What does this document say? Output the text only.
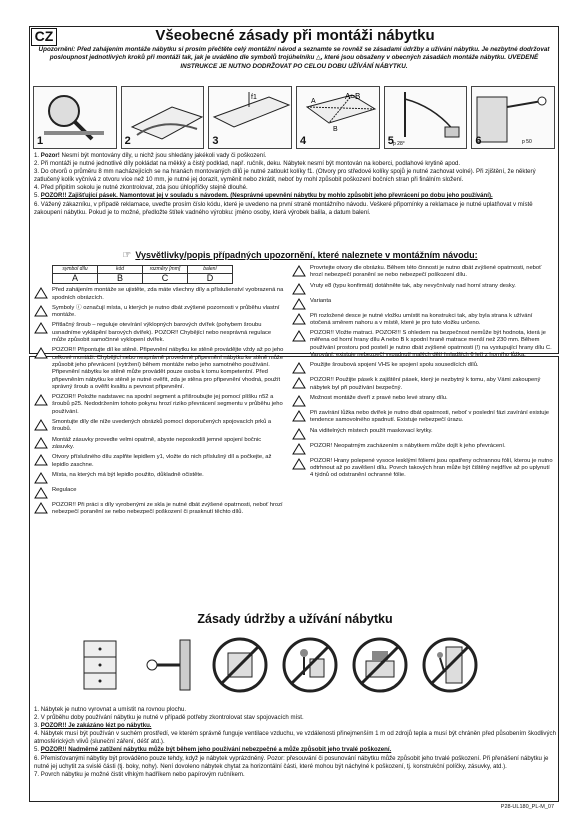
CZ	Všeobecné zásady při montáži nábytku
Upozornění: Před zahájením montáže nábytku si prosím přečtěte celý montážní návod a seznamte se rovněž se zásadami údržby a užívání nábytku. Je nezbytné dodržovat posloupnost jednotlivých kroků při montáži tak, jak je uváděno dle symbolů trojúhelníku △, které jsou obsaženy v obecných zásadách montáže nábytku. UVEDENÉ INSTRUKCE JE NUTNO DODRŽOVAT PO CELOU DOBU UŽÍVÁNÍ NÁBYTKU.
1	2
f1
3
A=B
A
B
4	p 28°
5	p 50
6
1. Pozor! Nesmí být montovány díly, u nichž jsou shledány jakékoli vady či poškození.
2. Při montáži je nutné jednotlivé díly pokládat na měkký a čistý podklad, např. ručník, deku. Nábytek nesmí být montován na koberci, podlahové krytině apod.
3. Do otvorů o průměru 8 mm nacházejících se na hranách montovaných dílů je nutné zatloukt kolíky f1. (Otvory pro středové kolíky spojů je nutné zachovat volné). Při zjištění, že některý zatlučený kolík vyčnívá z otvoru více než 10 mm, je nutné jej dorazit, vyměnit nebo zkrátit, neboť by mohl způsobit poškození bočních stran při finálním složení.
4. Před připitím sokolu je nutné zkontrolovat, zda jsou úhlopříčky stejně dlouhé.
5. POZOR!! Zajišťující pásek. Namontovat jej v souladu s návodem. (Nesprávné upevnění nábytku by mohlo způsobit jeho převrácení po dobu jeho používání).
6. Vážený zákazníku, v případě reklamace, uveďte prosím číslo kódu, které je uvedeno na první straně montážního návodu. Veškeré připomínky a reklamace je nutné uplatňovat v místě zakoupení nábytku. Pokud je to možné, předložte štítek vadného výrobku: jméno osoby, která výrobek balila, a datum balení.
☞ Vysvětlivky/popis případných upozornění, které naleznete v montážním návodu:
symbol dílu	kód	rozměry [mm]	balení
A	B	C	D
Před zahájením montáže se ujistěte, zda máte všechny díly a příslušenství vyobrazená na spodních obrázcích.
Symboly ⓘ označují místa, u kterých je nutno dbát zvýšené pozornosti v průběhu vlastní montáže.
Přítlačný šroub – reguluje otevírání výklopných barových dvířek (pohybem šroubu usnadníme vyklápění barových dvířek). POZOR!! Chybějící nebo nesprávná regulace může způsobit samočinné vyklopení dvířek.
POZOR!! Připontujte díl ke stěně. Připevnění nábytku ke stěně provádějte vždy až po jeho celkové montáži. Chybějící nebo nesprávně provedené připevnění nábytku ke stěně může způsobit jeho převrácení (vytržení) během montáže nebo jeho samotného používání. Připevnění nábytku ke stěně může provádět pouze osoba k tomu kompetentní. Před připevněním nábytku ke stěně je nutné ověřit, zda je stěna pro připevnění vhodná, použít správný šroub a ověřit kvalitu a pevnost připevnění.
POZOR!! Položte nadstavec na spodní segment a přišroubujte jej pomocí plíšku n52 a šroubů p25. Nedodržením tohoto pokynu hrozí riziko převrácení segmentu v průběhu jeho používání.
Smontujte díly dle níže uvedených obrázků pomocí doporučených spojovacích prků a šroubů.
Montáž zásuvky provedte velmi opatrně, abyste neposkodili jemné spojení bočnic zásuvky.
Otvory příslušného dílu zaplňte lepidlem y1, vložte do nich příslušný díl a počkejte, až lepidlo zaschne.
Místa, na kterých má být lepidlo použito, důkladně očistěte.
Regulace
POZOR!! Při práci s díly vyrobenými ze skla je nutné dbát zvýšené opatrnosti, neboť hrozí nebezpečí poranění se nebo nebezpečí poškození či prasknutí těchto dílů.
Provrtejte otvory dle obrázku. Během této činnosti je nutno dbát zvýšené opatrnosti, neboť hrozí nebezpečí poranění se nebo nebezpečí poškození dílu.
Vruty e8 (typu konfirmát) dotáhněte tak, aby nevyčnívaly nad horní strany desky.
Varianta
Při rozložené desce je nutné vložku umístit na konstrukci tak, aby byla strana k užívání otočená směrem nahoru a v místě, které je pro tuto vložku určeno.
POZOR!! Vložte matraci. POZOR!!! S ohledem na bezpečnost nemůže být hodnota, která je měřena od horní hrany dílu A nebo B k spodní hraně matrace menší než 230 mm. Během používání prostoru pod postelí je nutno dbát zvýšené opatrnosti (!) na vystupující hrany dílu C. Varování: existuje nebezpečí vypadnutí malých dětí (mladších 6 let) z horního lůžka.
Použijte šroubová spojení VHS ke spojení spolu sousedících dílů.
POZOR!! Použijte pásek k zajištění pásek, který je nezbytný k tomu, aby Vámi zakoupený nábytek byl při používání bezpečný.
Možnost montáže dveří z pravé nebo levé strany dílu.
Při zavírání lůžka nebo dvířek je nutno dbát opatrnosti, neboť v poslední fázi zavírání existuje tendence samovolného spadnutí. Existuje nebezpečí úrazu.
Na viditelných místech použít maskovací krytky.
POZOR! Neopatrným zacházením s nábytkem může dojít k jeho převrácení.
POZOR! Hrany polepené vysoce lesklými fóliemi jsou opatřeny ochrannou fólií, kterou je nutno odtrhnout až po zavěšení dílu. Povrch takových hran může být čištěný nejdříve až po uplynutí 4 týdnů od odstranění ochranné fólie.
Zásady údržby a užívání nábytku
1. Nábytek je nutno vyrovnat a umístit na rovnou plochu.
2. V průběhu doby používání nábytku je nutné v případě potřeby zkontrolovat stav spojovacích míst.
3. POZOR!! Je zakázáno lézt po nábytku.
4. Nábytek musí být používán v suchém prostředí, ve kterém správně funguje ventilace vzduchu, ve vzdálenosti přinejmenším 1 m od zdrojů tepla a musí být chráněn před působením škodlivých atmosférických vlivů (sluneční záření, déšť atd.).
5. POZOR!! Nadměrné zatížení nábytku může být během jeho používání nebezpečné a může způsobit jeho trvalé poškození.
6. Přemisťovanými nábytky být prováděno pouze tehdy, když je nábytek vyprázdněný. Pozor: přesouvání či posunování nábytku může způsobit jeho trvalé poškození. Při přenášení nábytku je nutné jej uchytit za svislé části (tj. boky, nohy). Není dovoleno nábytek chytat za horizontální části, které mohou být náchylné k poškození, tj. konstrukční políčky, zásuvky, atd.).
7. Povrch nábytku je možné čistit vlhkým hadříkem nebo papírovým ručníkem.
P28-UL180_PL-M_07
